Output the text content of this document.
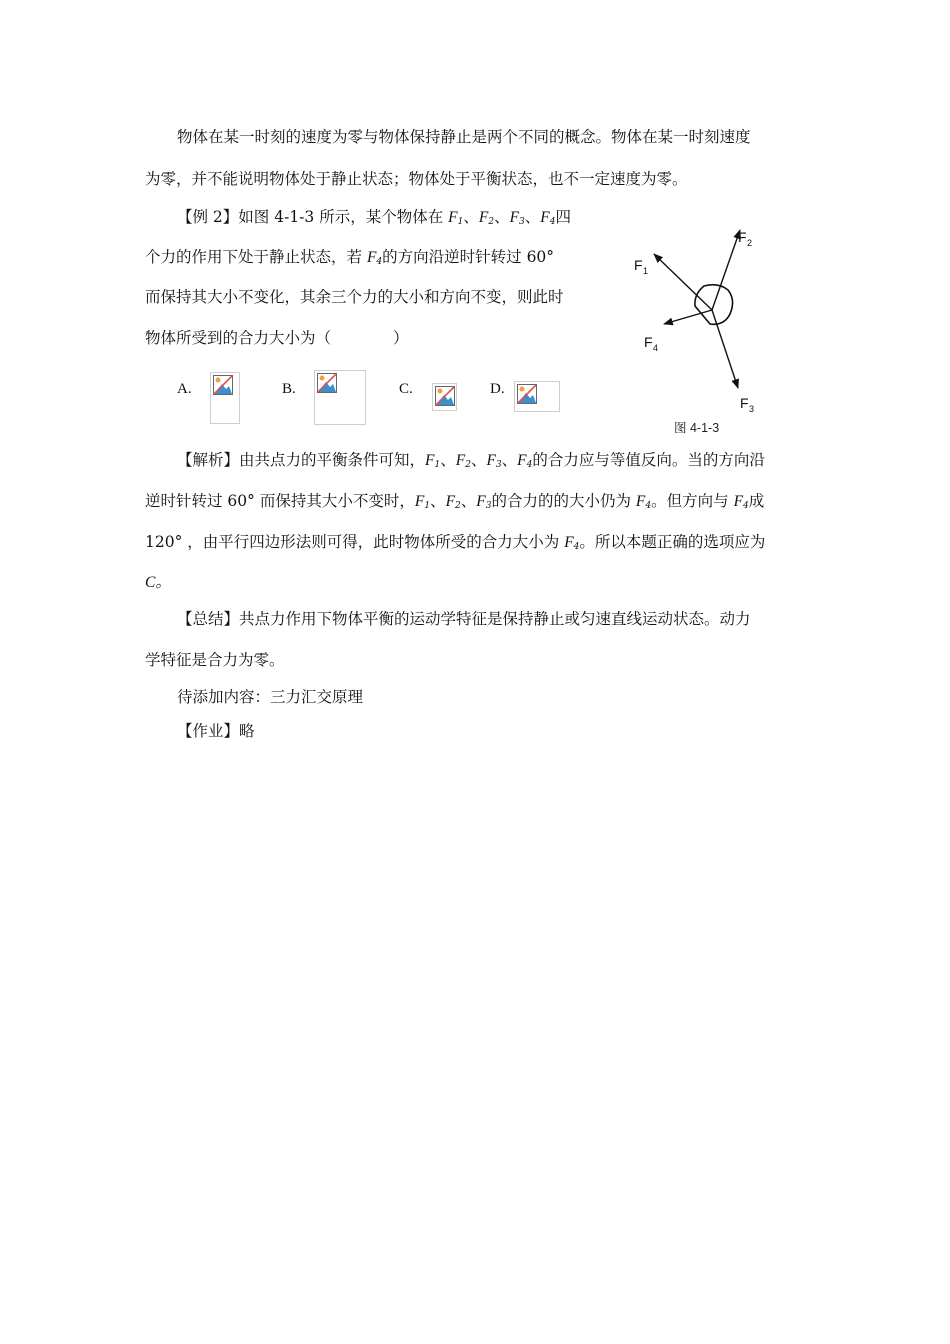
物体在某一时刻的速度为零与物体保持静止是两个不同的概念。物体在某一时刻速度
为零，并不能说明物体处于静止状态；物体处于平衡状态，也不一定速度为零。
【例 2】如图 4-1-3 所示，某个物体在 $F_1$、$F_2$、$F_3$、$F_4$四
个力的作用下处于静止状态，若 $F_4$的方向沿逆时针转过 60°
而保持其大小不变化，其余三个力的大小和方向不变，则此时
物体所受到的合力大小为（　　　　）
A.	B.	C.	D.
F 1
F 2
F 3
F 4
图 4-1-3
【解析】由共点力的平衡条件可知，$F_1$、$F_2$、$F_3$、$F_4$的合力应与等值反向。当的方向沿
逆时针转过 60° 而保持其大小不变时，$F_1$、$F_2$、$F_3$的合力的的大小仍为 $F_4$。但方向与 $F_4$成
120° ，由平行四边形法则可得，此时物体所受的合力大小为 $F_4$。所以本题正确的选项应为
C。
【总结】共点力作用下物体平衡的运动学特征是保持静止或匀速直线运动状态。动力
学特征是合力为零。
待添加内容：三力汇交原理
【作业】略
